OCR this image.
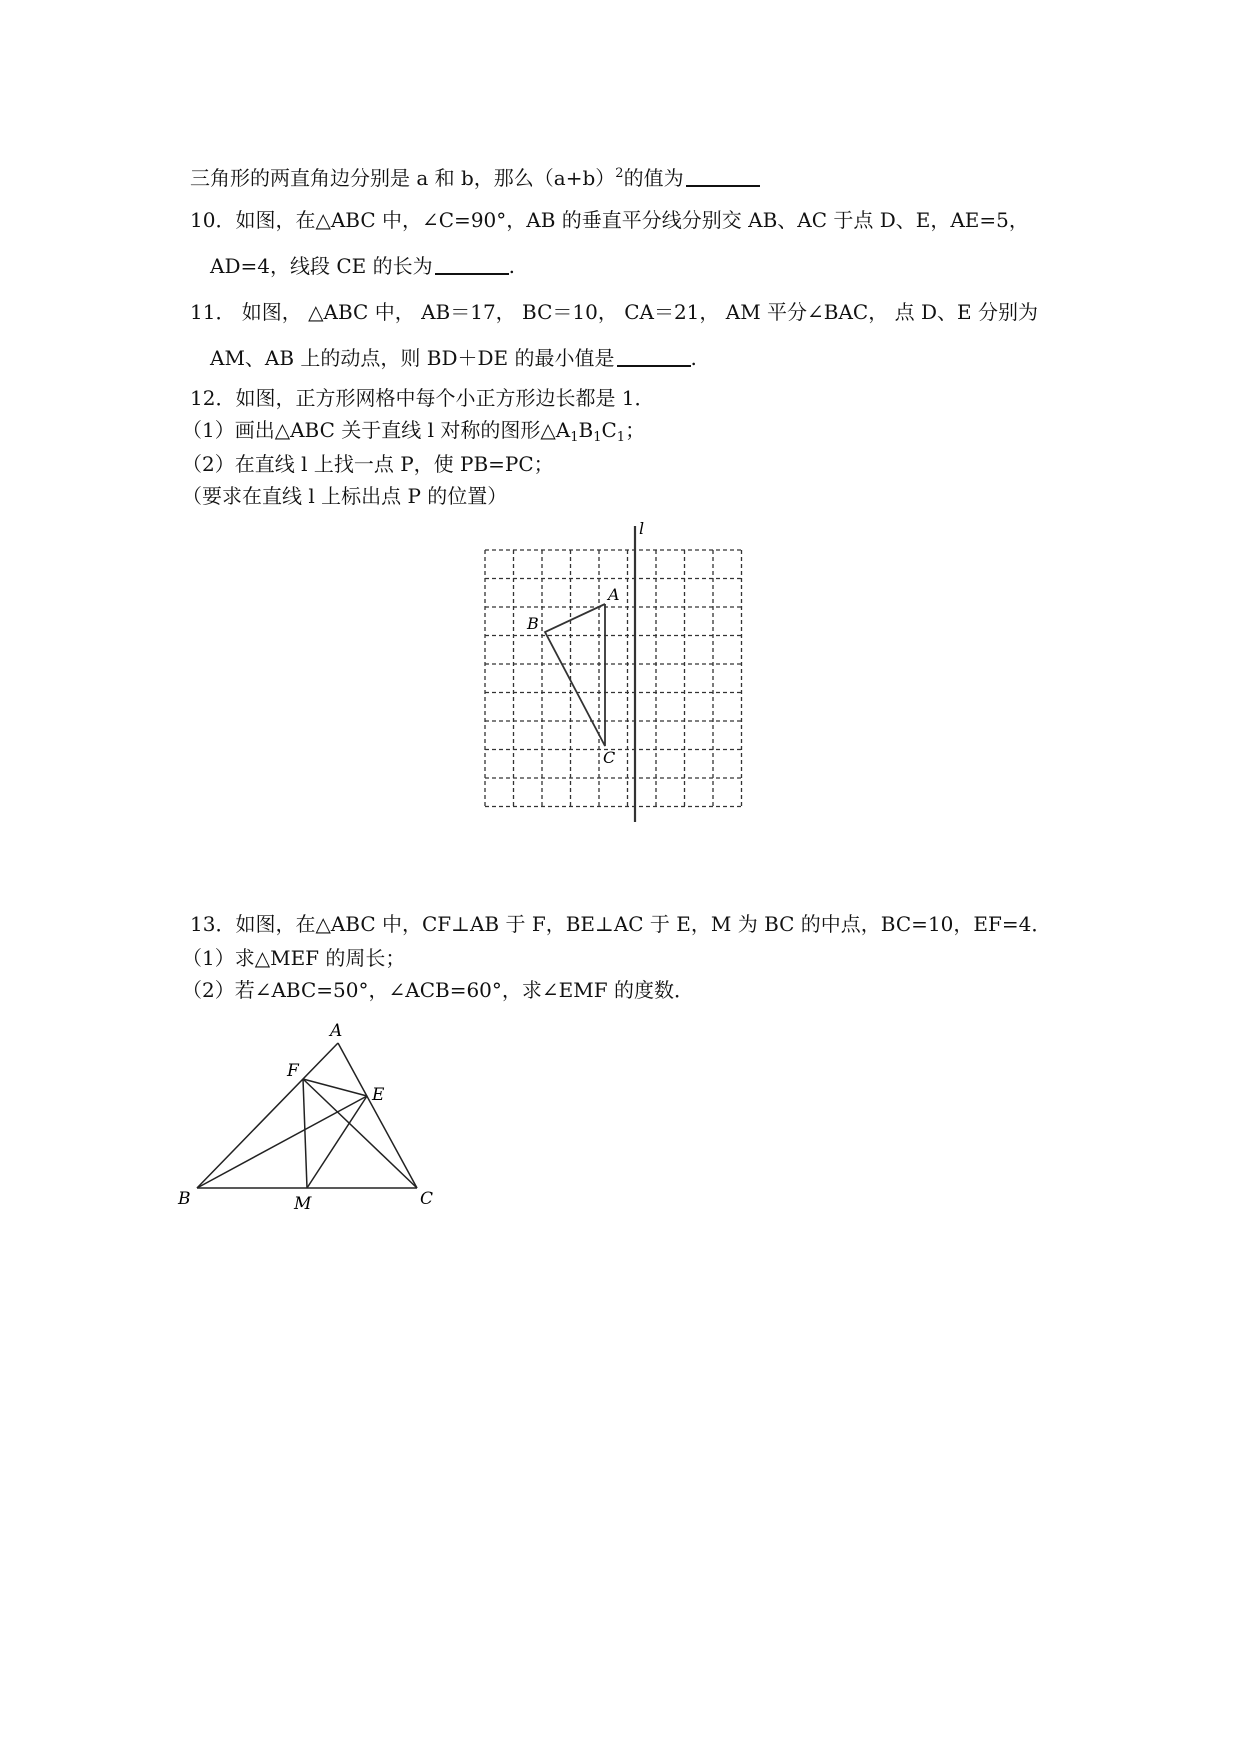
三角形的两直角边分别是 a 和 b，那么$(a+b)^2$的值为
10．如图，在△ABC 中，∠C=90°，AB 的垂直平分线分别交 AB、AC 于点 D、E，AE=5，
AD=4，线段 CE 的长为	.
11． 如图， △ABC 中， AB＝17， BC＝10， CA＝21， AM 平分∠BAC， 点 D、E 分别为
AM、AB 上的动点，则 BD＋DE 的最小值是	.
12．如图，正方形网格中每个小正方形边长都是 1．
（1）画出△ABC 关于直线 l 对称的图形$\triangle A_1B_1C_1$；
（2）在直线 l 上找一点 P，使 PB=PC；
（要求在直线 l 上标出点 P 的位置）
l
A
B
C
13．如图，在△ABC 中，CF⊥AB 于 F，BE⊥AC 于 E，M 为 BC 的中点，BC=10，EF=4．
（1）求△MEF 的周长；
（2）若∠ABC=50°，∠ACB=60°，求∠EMF 的度数．
A
F
E
B	M	C
